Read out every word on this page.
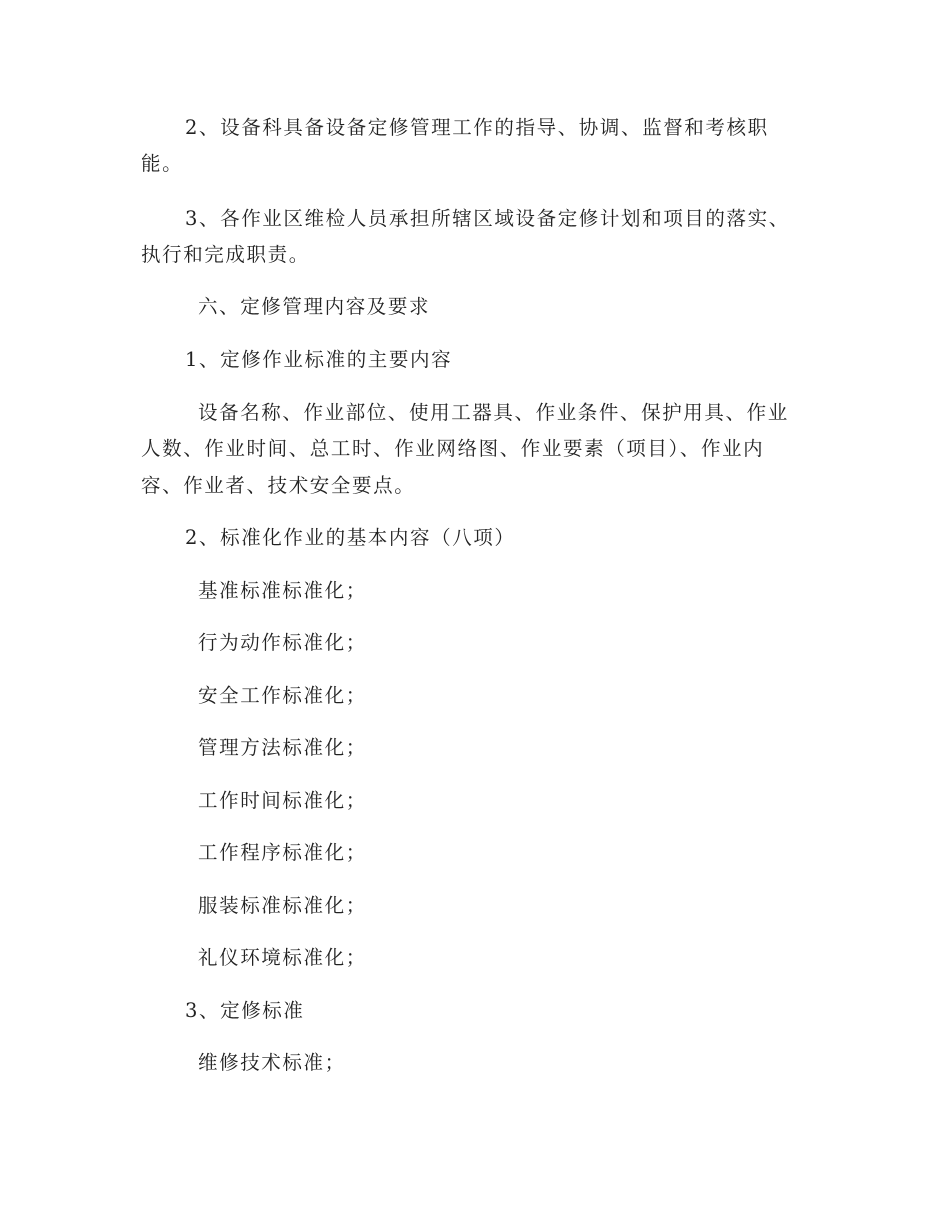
2、设备科具备设备定修管理工作的指导、协调、监督和考核职
能。
3、各作业区维检人员承担所辖区域设备定修计划和项目的落实、
执行和完成职责。
六、定修管理内容及要求
1、定修作业标准的主要内容
设备名称、作业部位、使用工器具、作业条件、保护用具、作业
人数、作业时间、总工时、作业网络图、作业要素（项目）、作业内
容、作业者、技术安全要点。
2、标准化作业的基本内容（八项）
基准标准标准化；
行为动作标准化；
安全工作标准化；
管理方法标准化；
工作时间标准化；
工作程序标准化；
服装标准标准化；
礼仪环境标准化；
3、定修标准
维修技术标准；
